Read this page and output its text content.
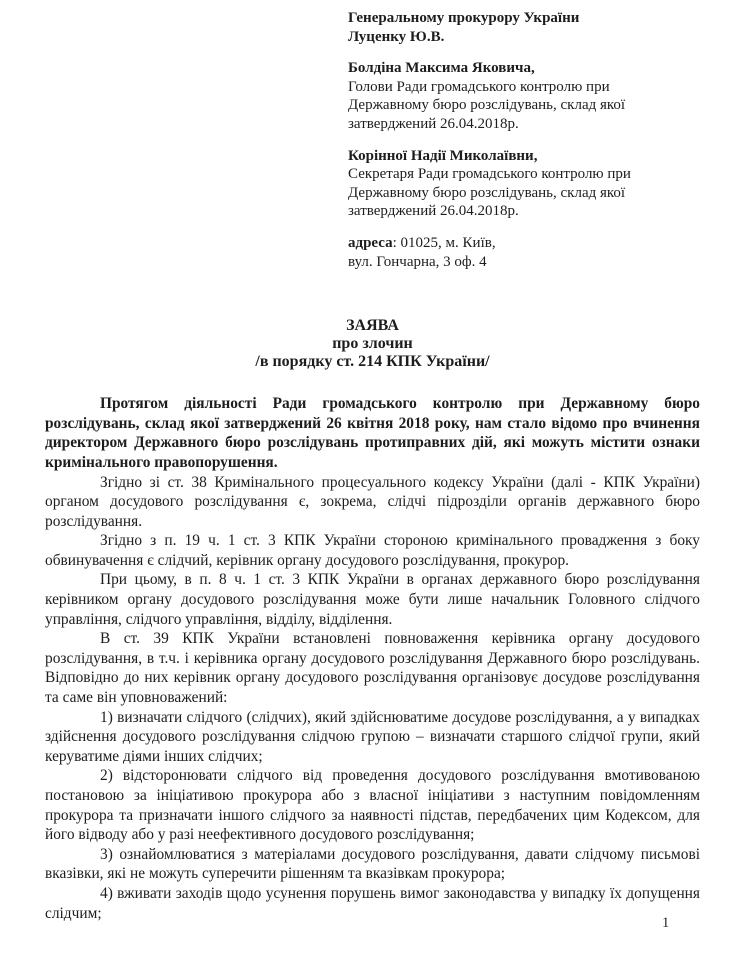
Генеральному прокурору України
Луценку Ю.В.
Болдіна Максима Яковича,
Голови Ради громадського контролю при
Державному бюро розслідувань, склад якої
затверджений 26.04.2018р.
Корінної Надії Миколаївни,
Секретаря Ради громадського контролю при
Державному бюро розслідувань, склад якої
затверджений 26.04.2018р.
адреса: 01025, м. Київ,
вул. Гончарна, 3 оф. 4
ЗАЯВА
про злочин
/в порядку ст. 214 КПК України/

Протягом діяльності Ради громадського контролю при Державному бюро розслідувань, склад якої затверджений 26 квітня 2018 року, нам стало відомо про вчинення директором Державного бюро розслідувань протиправних дій, які можуть містити ознаки кримінального правопорушення.

Згідно зі ст. 38 Кримінального процесуального кодексу України (далі - КПК України) органом досудового розслідування є, зокрема, слідчі підрозділи органів державного бюро розслідування.

Згідно з п. 19 ч. 1 ст. 3 КПК України стороною кримінального провадження з боку обвинувачення є слідчий, керівник органу досудового розслідування, прокурор.

При цьому, в п. 8 ч. 1 ст. 3 КПК України в органах державного бюро розслідування керівником органу досудового розслідування може бути лише начальник Головного слідчого управління, слідчого управління, відділу, відділення.

В ст. 39 КПК України встановлені повноваження керівника органу досудового розслідування, в т.ч. і керівника органу досудового розслідування Державного бюро розслідувань. Відповідно до них керівник органу досудового розслідування організовує досудове розслідування та саме він уповноважений:

1) визначати слідчого (слідчих), який здійснюватиме досудове розслідування, а у випадках здійснення досудового розслідування слідчою групою – визначати старшого слідчої групи, який керуватиме діями інших слідчих;

2) відсторонювати слідчого від проведення досудового розслідування вмотивованою постановою за ініціативою прокурора або з власної ініціативи з наступним повідомленням прокурора та призначати іншого слідчого за наявності підстав, передбачених цим Кодексом, для його відводу або у разі неефективного досудового розслідування;

3) ознайомлюватися з матеріалами досудового розслідування, давати слідчому письмові вказівки, які не можуть суперечити рішенням та вказівкам прокурора;

4) вживати заходів щодо усунення порушень вимог законодавства у випадку їх допущення слідчим;

1
